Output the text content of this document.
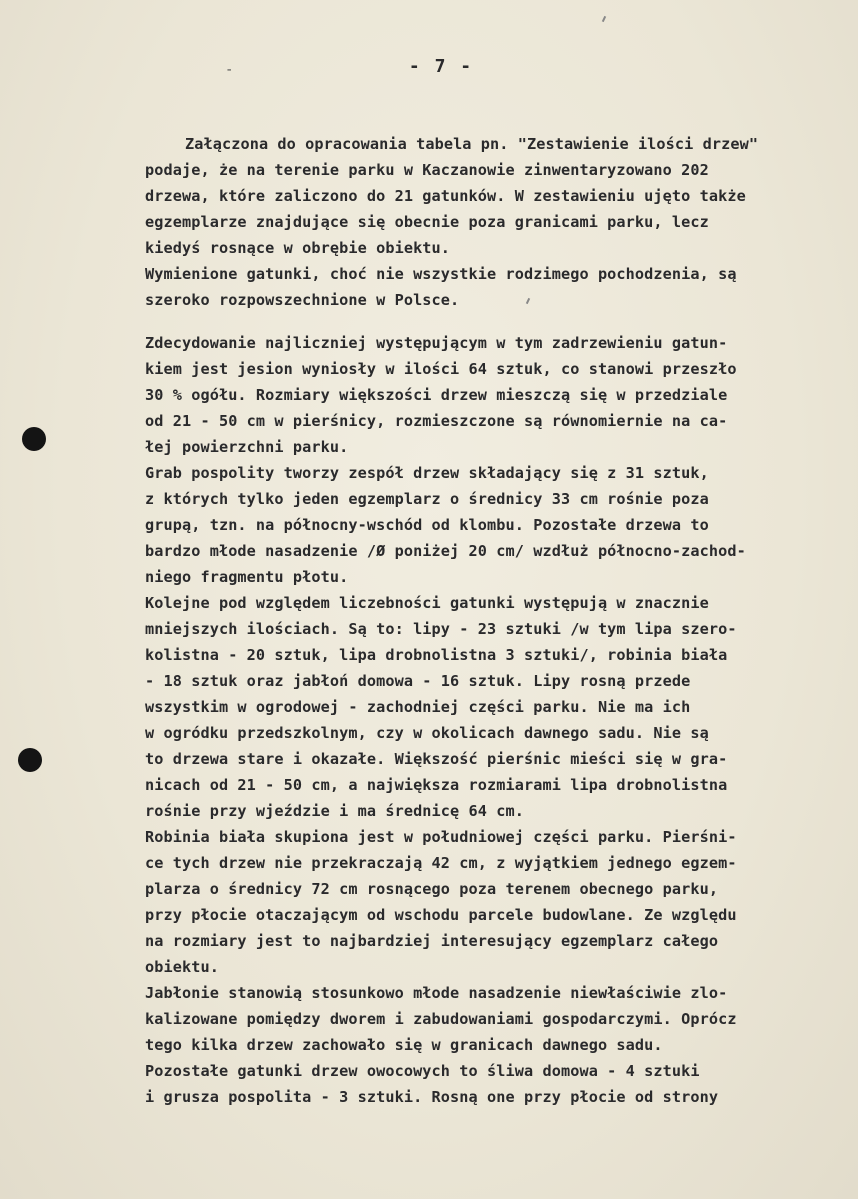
-	- 7 -
Załączona do opracowania tabela pn. "Zestawienie ilości drzew"
podaje, że na terenie parku w Kaczanowie zinwentaryzowano 202
drzewa, które zaliczono do 21 gatunków. W zestawieniu ujęto także
egzemplarze znajdujące się obecnie poza granicami parku, lecz
kiedyś rosnące w obrębie obiektu.
Wymienione gatunki, choć nie wszystkie rodzimego pochodzenia, są
szeroko rozpowszechnione w Polsce.
Zdecydowanie najliczniej występującym w tym zadrzewieniu gatun-
kiem jest jesion wyniosły w ilości 64 sztuk, co stanowi przeszło
30 % ogółu. Rozmiary większości drzew mieszczą się w przedziale
od 21 - 50 cm w pierśnicy, rozmieszczone są równomiernie na ca-
łej powierzchni parku.
Grab pospolity tworzy zespół drzew składający się z 31 sztuk,
z których tylko jeden egzemplarz o średnicy 33 cm rośnie poza
grupą, tzn. na północny-wschód od klombu. Pozostałe drzewa to
bardzo młode nasadzenie /Ø poniżej 20 cm/ wzdłuż północno-zachod-
niego fragmentu płotu.
Kolejne pod względem liczebności gatunki występują w znacznie
mniejszych ilościach. Są to: lipy - 23 sztuki /w tym lipa szero-
kolistna - 20 sztuk, lipa drobnolistna 3 sztuki/, robinia biała
- 18 sztuk oraz jabłoń domowa - 16 sztuk. Lipy rosną przede
wszystkim w ogrodowej - zachodniej części parku. Nie ma ich
w ogródku przedszkolnym, czy w okolicach dawnego sadu. Nie są
to drzewa stare i okazałe. Większość pierśnic mieści się w gra-
nicach od 21 - 50 cm, a największa rozmiarami lipa drobnolistna
rośnie przy wjeździe i ma średnicę 64 cm.
Robinia biała skupiona jest w południowej części parku. Pierśni-
ce tych drzew nie przekraczają 42 cm, z wyjątkiem jednego egzem-
plarza o średnicy 72 cm rosnącego poza terenem obecnego parku,
przy płocie otaczającym od wschodu parcele budowlane. Ze względu
na rozmiary jest to najbardziej interesujący egzemplarz całego
obiektu.
Jabłonie stanowią stosunkowo młode nasadzenie niewłaściwie zlo-
kalizowane pomiędzy dworem i zabudowaniami gospodarczymi. Oprócz
tego kilka drzew zachowało się w granicach dawnego sadu.
Pozostałe gatunki drzew owocowych to śliwa domowa - 4 sztuki
i grusza pospolita - 3 sztuki. Rosną one przy płocie od strony
